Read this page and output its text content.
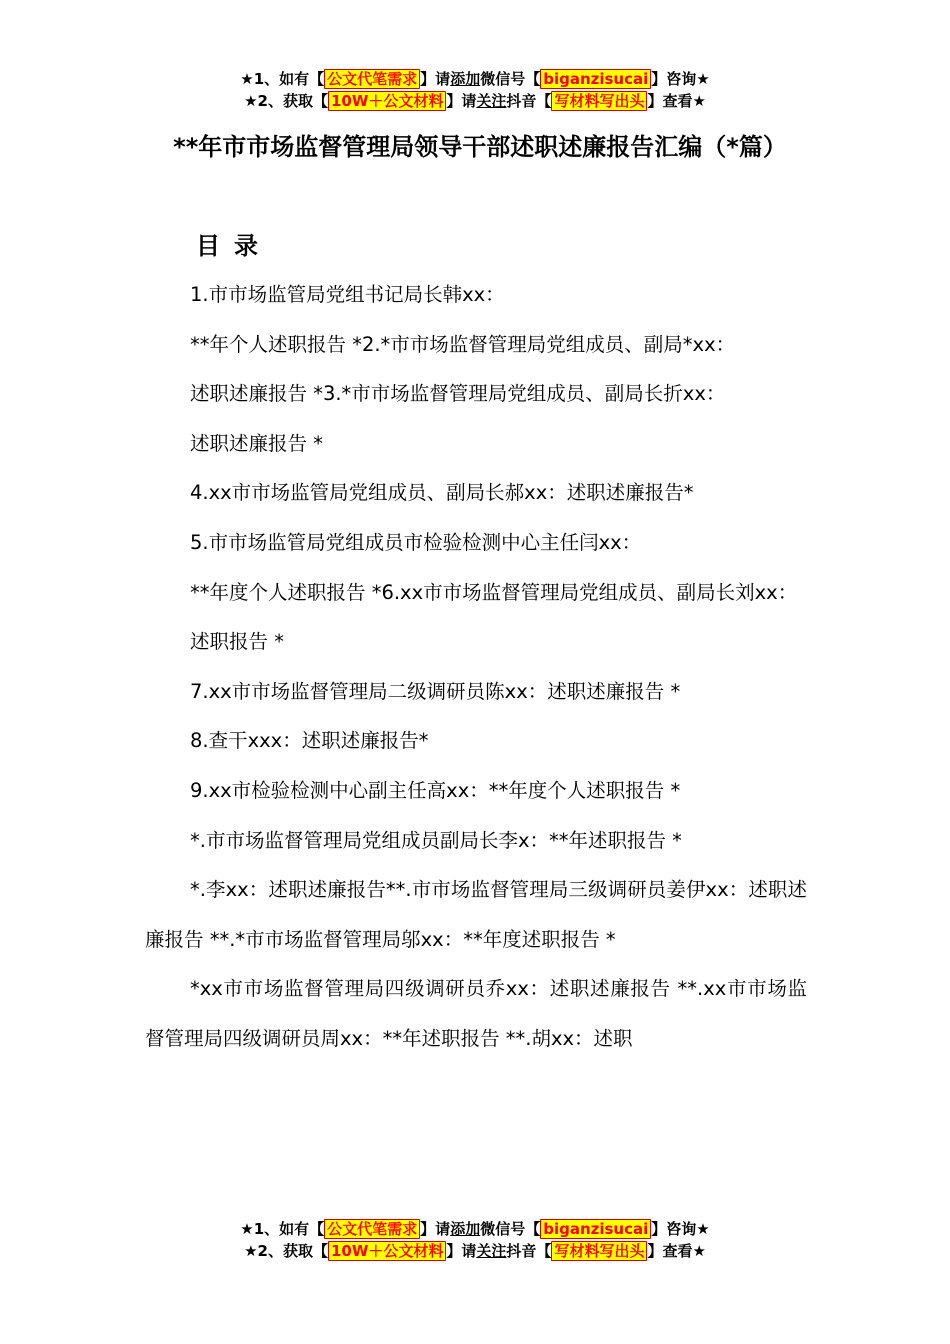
★1、如有【 公文代笔需求 】请添加微信号【 biganzisucai 】咨询★
★2、获取【 10W＋公文材料 】请关注抖音【 写材料写出头 】查看★
**年市市场监督管理局领导干部述职述廉报告汇编（*篇）
目录

1.市市场监管局党组书记局长韩xx：

**年个人述职报告 *2.*市市场监督管理局党组成员、副局*xx：

述职述廉报告 *3.*市市场监督管理局党组成员、副局长折xx：

述职述廉报告 *

4.xx市市场监管局党组成员、副局长郝xx：述职述廉报告*

5.市市场监管局党组成员市检验检测中心主任闫xx：

**年度个人述职报告 *6.xx市市场监督管理局党组成员、副局长刘xx：

述职报告 *

7.xx市市场监督管理局二级调研员陈xx：述职述廉报告 *

8.查干xxx：述职述廉报告*

9.xx市检验检测中心副主任高xx：**年度个人述职报告 *

*.市市场监督管理局党组成员副局长李x：**年述职报告 *

*.李xx：述职述廉报告**.市市场监督管理局三级调研员姜伊xx：述职述廉报告 **.*市市场监督管理局邬xx：**年度述职报告 *

*xx市市场监督管理局四级调研员乔xx：述职述廉报告 **.xx市市场监督管理局四级调研员周xx：**年述职报告 **.胡xx：述职

★1、如有【 公文代笔需求 】请添加微信号【 biganzisucai 】咨询★
★2、获取【 10W＋公文材料 】请关注抖音【 写材料写出头 】查看★
